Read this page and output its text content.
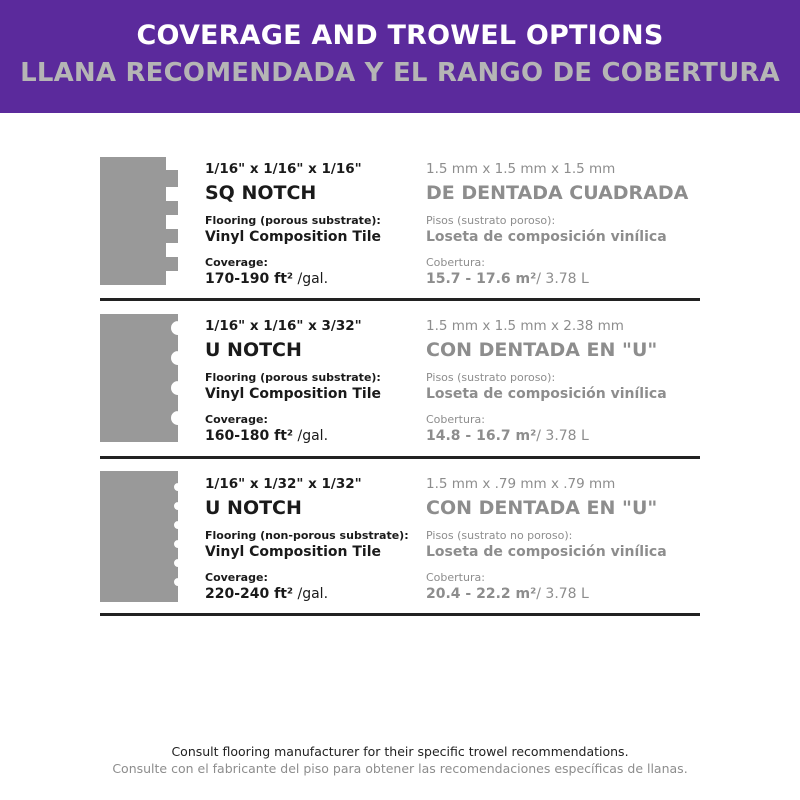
COVERAGE AND TROWEL OPTIONS
LLANA RECOMENDADA Y EL RANGO DE COBERTURA
1/16" x 1/16" x 1/16"
SQ NOTCH
Flooring (porous substrate):
Vinyl Composition Tile
Coverage:
170-190 ft² /gal.
1.5 mm x 1.5 mm x 1.5 mm
DE DENTADA CUADRADA
Pisos (sustrato poroso):
Loseta de composición vinílica
Cobertura:
15.7 - 17.6 m²/ 3.78 L
1/16" x 1/16" x 3/32"
U NOTCH
Flooring (porous substrate):
Vinyl Composition Tile
Coverage:
160-180 ft² /gal.
1.5 mm x 1.5 mm x 2.38 mm
CON DENTADA EN "U"
Pisos (sustrato poroso):
Loseta de composición vinílica
Cobertura:
14.8 - 16.7 m²/ 3.78 L
1/16" x 1/32" x 1/32"
U NOTCH
Flooring (non-porous substrate):
Vinyl Composition Tile
Coverage:
220-240 ft² /gal.
1.5 mm x .79 mm x .79 mm
CON DENTADA EN "U"
Pisos (sustrato no poroso):
Loseta de composición vinílica
Cobertura:
20.4 - 22.2 m²/ 3.78 L
Consult flooring manufacturer for their specific trowel recommendations.
Consulte con el fabricante del piso para obtener las recomendaciones específicas de llanas.
